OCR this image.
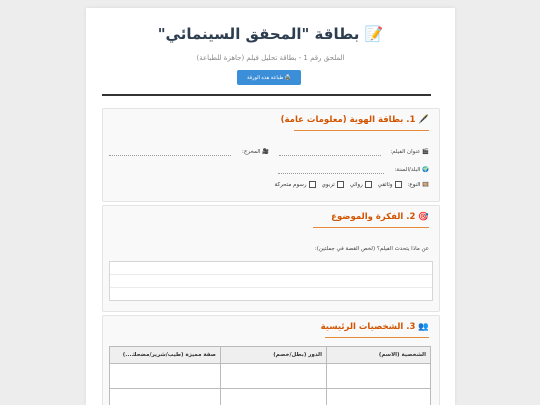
📝 بطاقة "المحقق السينمائي"
الملحق رقم 1 - بطاقة تحليل فيلم (جاهزة للطباعة)
🖨️ طباعة هذه الورقة
🖋️ 1. بطاقة الهوية (معلومات عامة)
🎬 عنوان الفيلم:
🎥 المخرج:
🌍 البلد/السنة:
🎞️ النوع:
وثائقي
روائي
تربوي
رسوم متحركة
🎯 2. الفكرة والموضوع
عن ماذا يتحدث الفيلم؟ (لخص القصة في جملتين):
👥 3. الشخصيات الرئيسية
الشخصية (الاسم)	الدور (بطل/خصم)	صفة مميزة (طيب/شرير/مضحك...)
